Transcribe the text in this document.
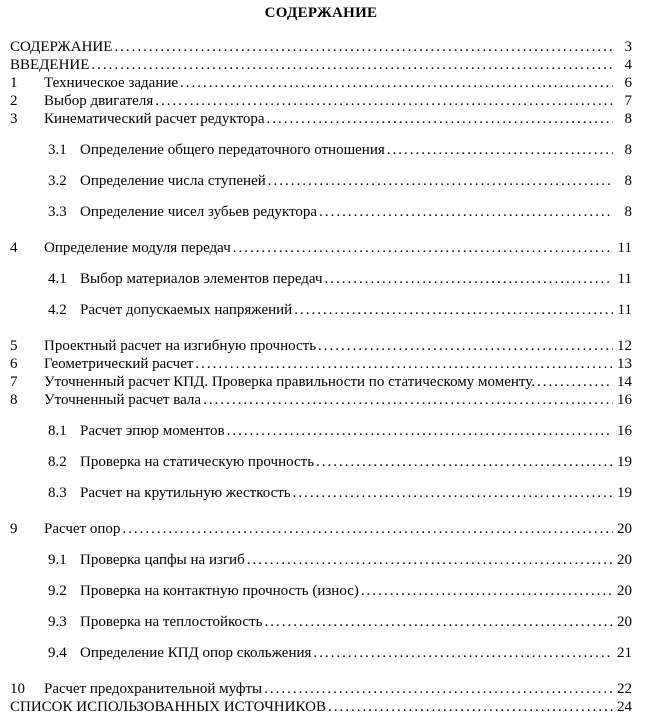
СОДЕРЖАНИЕ
СОДЕРЖАНИЕ .....	3
ВВЕДЕНИЕ .....	4
1	Техническое задание .....	6
2	Выбор двигателя .....	7
3	Кинематический расчет редуктора .....	8
3.1 Определение общего передаточного отношения .....	8
3.2 Определение числа ступеней .....	8
3.3 Определение чисел зубьев редуктора .....	8
4	Определение модуля передач .....	11
4.1 Выбор материалов элементов передач .....	11
4.2 Расчет допускаемых напряжений .....	11
5	Проектный расчет на изгибную прочность .....	12
6	Геометрический расчет .....	13
7	Уточненный расчет КПД. Проверка правильности по статическому моменту. .....	14
8	Уточненный расчет вала .....	16
8.1 Расчет эпюр моментов .....	16
8.2 Проверка на статическую прочность .....	19
8.3 Расчет на крутильную жесткость .....	19
9	Расчет опор .....	20
9.1 Проверка цапфы на изгиб .....	20
9.2 Проверка на контактную прочность (износ) .....	20
9.3 Проверка на теплостойкость .....	20
9.4 Определение КПД опор скольжения .....	21
10	Расчет предохранительной муфты .....	22
СПИСОК ИСПОЛЬЗОВАННЫХ ИСТОЧНИКОВ .....	24
